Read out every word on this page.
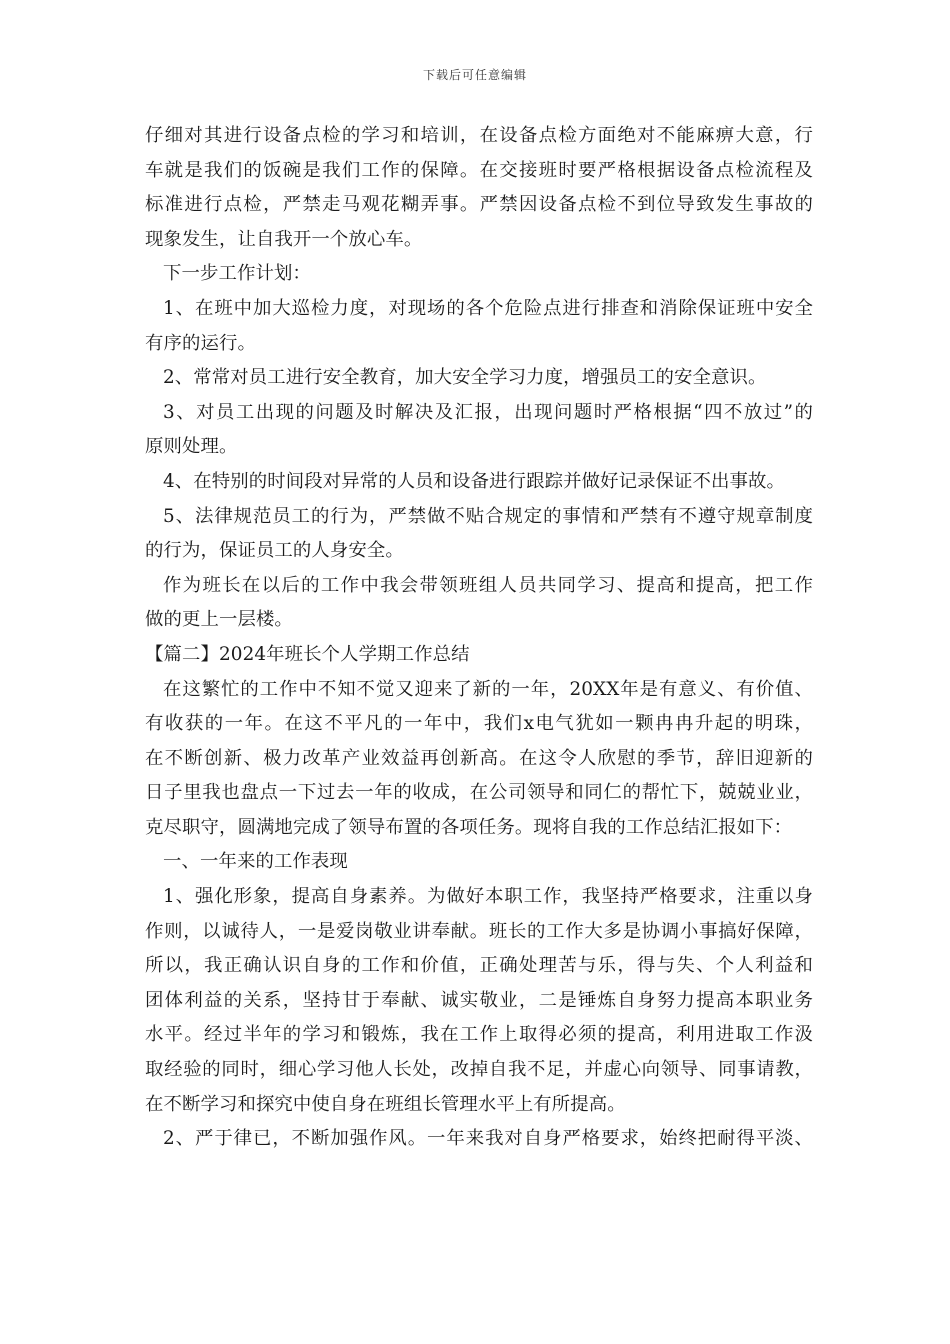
下载后可任意编辑
仔细对其进行设备点检的学习和培训，在设备点检方面绝对不能麻痹大意，行
车就是我们的饭碗是我们工作的保障。在交接班时要严格根据设备点检流程及
标准进行点检，严禁走马观花糊弄事。严禁因设备点检不到位导致发生事故的
现象发生，让自我开一个放心车。
下一步工作计划：
1、在班中加大巡检力度，对现场的各个危险点进行排查和消除保证班中安全
有序的运行。
2、常常对员工进行安全教育，加大安全学习力度，增强员工的安全意识。
3、对员工出现的问题及时解决及汇报，出现问题时严格根据“四不放过”的
原则处理。
4、在特别的时间段对异常的人员和设备进行跟踪并做好记录保证不出事故。
5、法律规范员工的行为，严禁做不贴合规定的事情和严禁有不遵守规章制度
的行为，保证员工的人身安全。
作为班长在以后的工作中我会带领班组人员共同学习、提高和提高，把工作
做的更上一层楼。
【篇二】2024年班长个人学期工作总结
在这繁忙的工作中不知不觉又迎来了新的一年，20XX年是有意义、有价值、
有收获的一年。在这不平凡的一年中，我们x电气犹如一颗冉冉升起的明珠，
在不断创新、极力改革产业效益再创新高。在这令人欣慰的季节，辞旧迎新的
日子里我也盘点一下过去一年的收成，在公司领导和同仁的帮忙下，兢兢业业，
克尽职守，圆满地完成了领导布置的各项任务。现将自我的工作总结汇报如下：
一、一年来的工作表现
1、强化形象，提高自身素养。为做好本职工作，我坚持严格要求，注重以身
作则，以诚待人，一是爱岗敬业讲奉献。班长的工作大多是协调小事搞好保障，
所以，我正确认识自身的工作和价值，正确处理苦与乐，得与失、个人利益和
团体利益的关系，坚持甘于奉献、诚实敬业，二是锤炼自身努力提高本职业务
水平。经过半年的学习和锻炼，我在工作上取得必须的提高，利用进取工作汲
取经验的同时，细心学习他人长处，改掉自我不足，并虚心向领导、同事请教，
在不断学习和探究中使自身在班组长管理水平上有所提高。
2、严于律已，不断加强作风。一年来我对自身严格要求，始终把耐得平淡、
